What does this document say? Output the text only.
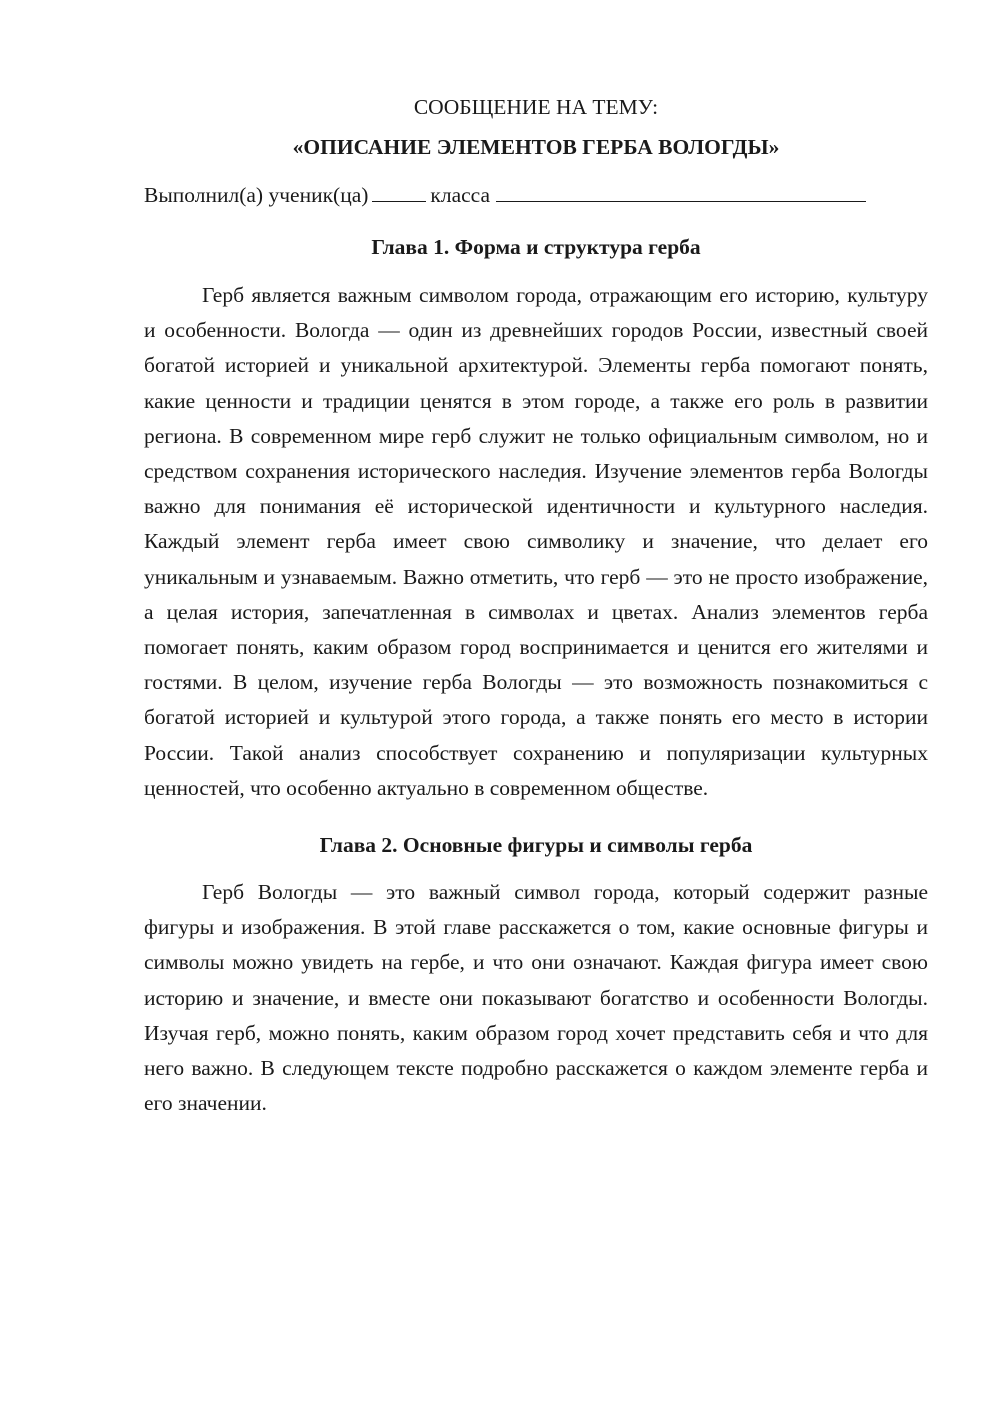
СООБЩЕНИЕ НА ТЕМУ:

«ОПИСАНИЕ ЭЛЕМЕНТОВ ГЕРБА ВОЛОГДЫ»

Выполнил(а) ученик(ца)	класса
Глава 1. Форма и структура герба

Герб является важным символом города, отражающим его историю, культуру и особенности. Вологда — один из древнейших городов России, известный своей богатой историей и уникальной архитектурой. Элементы герба помогают понять, какие ценности и традиции ценятся в этом городе, а также его роль в развитии региона. В современном мире герб служит не только официальным символом, но и средством сохранения исторического наследия. Изучение элементов герба Вологды важно для понимания её исторической идентичности и культурного наследия. Каждый элемент герба имеет свою символику и значение, что делает его уникальным и узнаваемым. Важно отметить, что герб — это не просто изображение, а целая история, запечатленная в символах и цветах. Анализ элементов герба помогает понять, каким образом город воспринимается и ценится его жителями и гостями. В целом, изучение герба Вологды — это возможность познакомиться с богатой историей и культурой этого города, а также понять его место в истории России. Такой анализ способствует сохранению и популяризации культурных ценностей, что особенно актуально в современном обществе.

Глава 2. Основные фигуры и символы герба

Герб Вологды — это важный символ города, который содержит разные фигуры и изображения. В этой главе расскажется о том, какие основные фигуры и символы можно увидеть на гербе, и что они означают. Каждая фигура имеет свою историю и значение, и вместе они показывают богатство и особенности Вологды. Изучая герб, можно понять, каким образом город хочет представить себя и что для него важно. В следующем тексте подробно расскажется о каждом элементе герба и его значении.
